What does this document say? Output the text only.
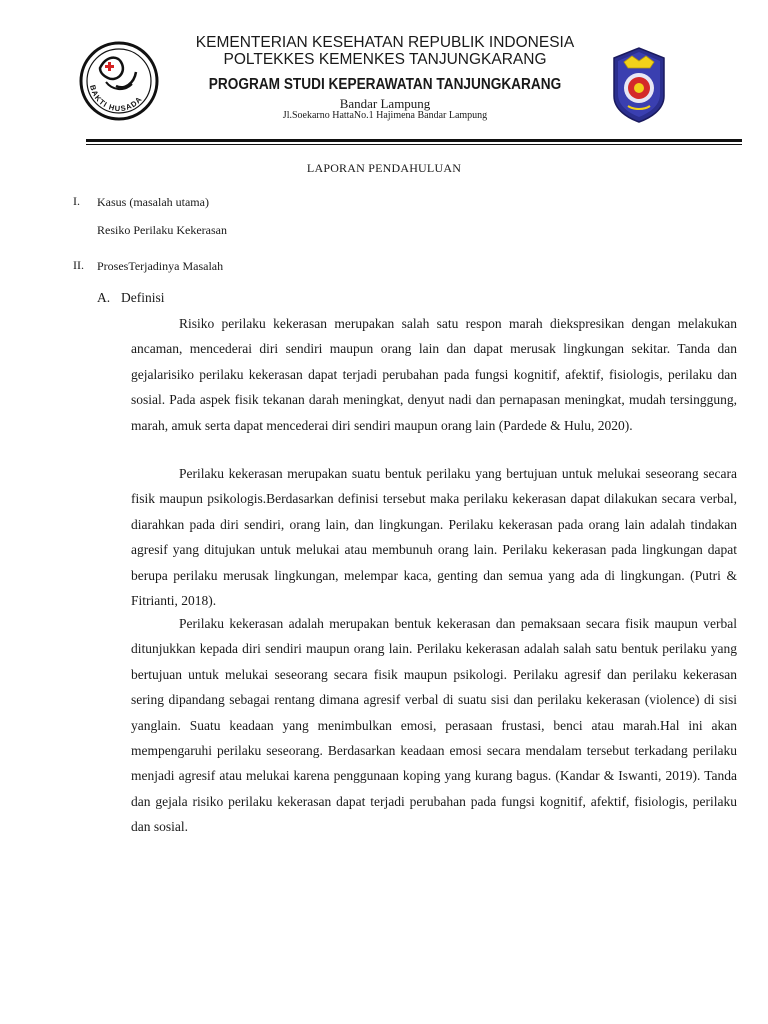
BAKTI HUSADA
KEMENTERIAN KESEHATAN REPUBLIK INDONESIA
POLTEKKES KEMENKES TANJUNGKARANG
PROGRAM STUDI KEPERAWATAN TANJUNGKARANG
Bandar Lampung
Jl.Soekarno HattaNo.1 Hajimena Bandar Lampung
LAPORAN PENDAHULUAN
I. Kasus (masalah utama)
Resiko Perilaku Kekerasan
II. ProsesTerjadinya Masalah
A. Definisi

Risiko perilaku kekerasan merupakan salah satu respon marah diekspresikan dengan melakukan ancaman, mencederai diri sendiri maupun orang lain dan dapat merusak lingkungan sekitar. Tanda dan gejalarisiko perilaku kekerasan dapat terjadi perubahan pada fungsi kognitif, afektif, fisiologis, perilaku dan sosial. Pada aspek fisik tekanan darah meningkat, denyut nadi dan pernapasan meningkat, mudah tersinggung, marah, amuk serta dapat mencederai diri sendiri maupun orang lain (Pardede & Hulu, 2020).

Perilaku kekerasan merupakan suatu bentuk perilaku yang bertujuan untuk melukai seseorang secara fisik maupun psikologis.Berdasarkan definisi tersebut maka perilaku kekerasan dapat dilakukan secara verbal, diarahkan pada diri sendiri, orang lain, dan lingkungan. Perilaku kekerasan pada orang lain adalah tindakan agresif yang ditujukan untuk melukai atau membunuh orang lain. Perilaku kekerasan pada lingkungan dapat berupa perilaku merusak lingkungan, melempar kaca, genting dan semua yang ada di lingkungan. (Putri & Fitrianti, 2018).

Perilaku kekerasan adalah merupakan bentuk kekerasan dan pemaksaan secara fisik maupun verbal ditunjukkan kepada diri sendiri maupun orang lain. Perilaku kekerasan adalah salah satu bentuk perilaku yang bertujuan untuk melukai seseorang secara fisik maupun psikologi. Perilaku agresif dan perilaku kekerasan sering dipandang sebagai rentang dimana agresif verbal di suatu sisi dan perilaku kekerasan (violence) di sisi yanglain. Suatu keadaan yang menimbulkan emosi, perasaan frustasi, benci atau marah.Hal ini akan mempengaruhi perilaku seseorang. Berdasarkan keadaan emosi secara mendalam tersebut terkadang perilaku menjadi agresif atau melukai karena penggunaan koping yang kurang bagus. (Kandar & Iswanti, 2019). Tanda dan gejala risiko perilaku kekerasan dapat terjadi perubahan pada fungsi kognitif, afektif, fisiologis, perilaku dan sosial.
